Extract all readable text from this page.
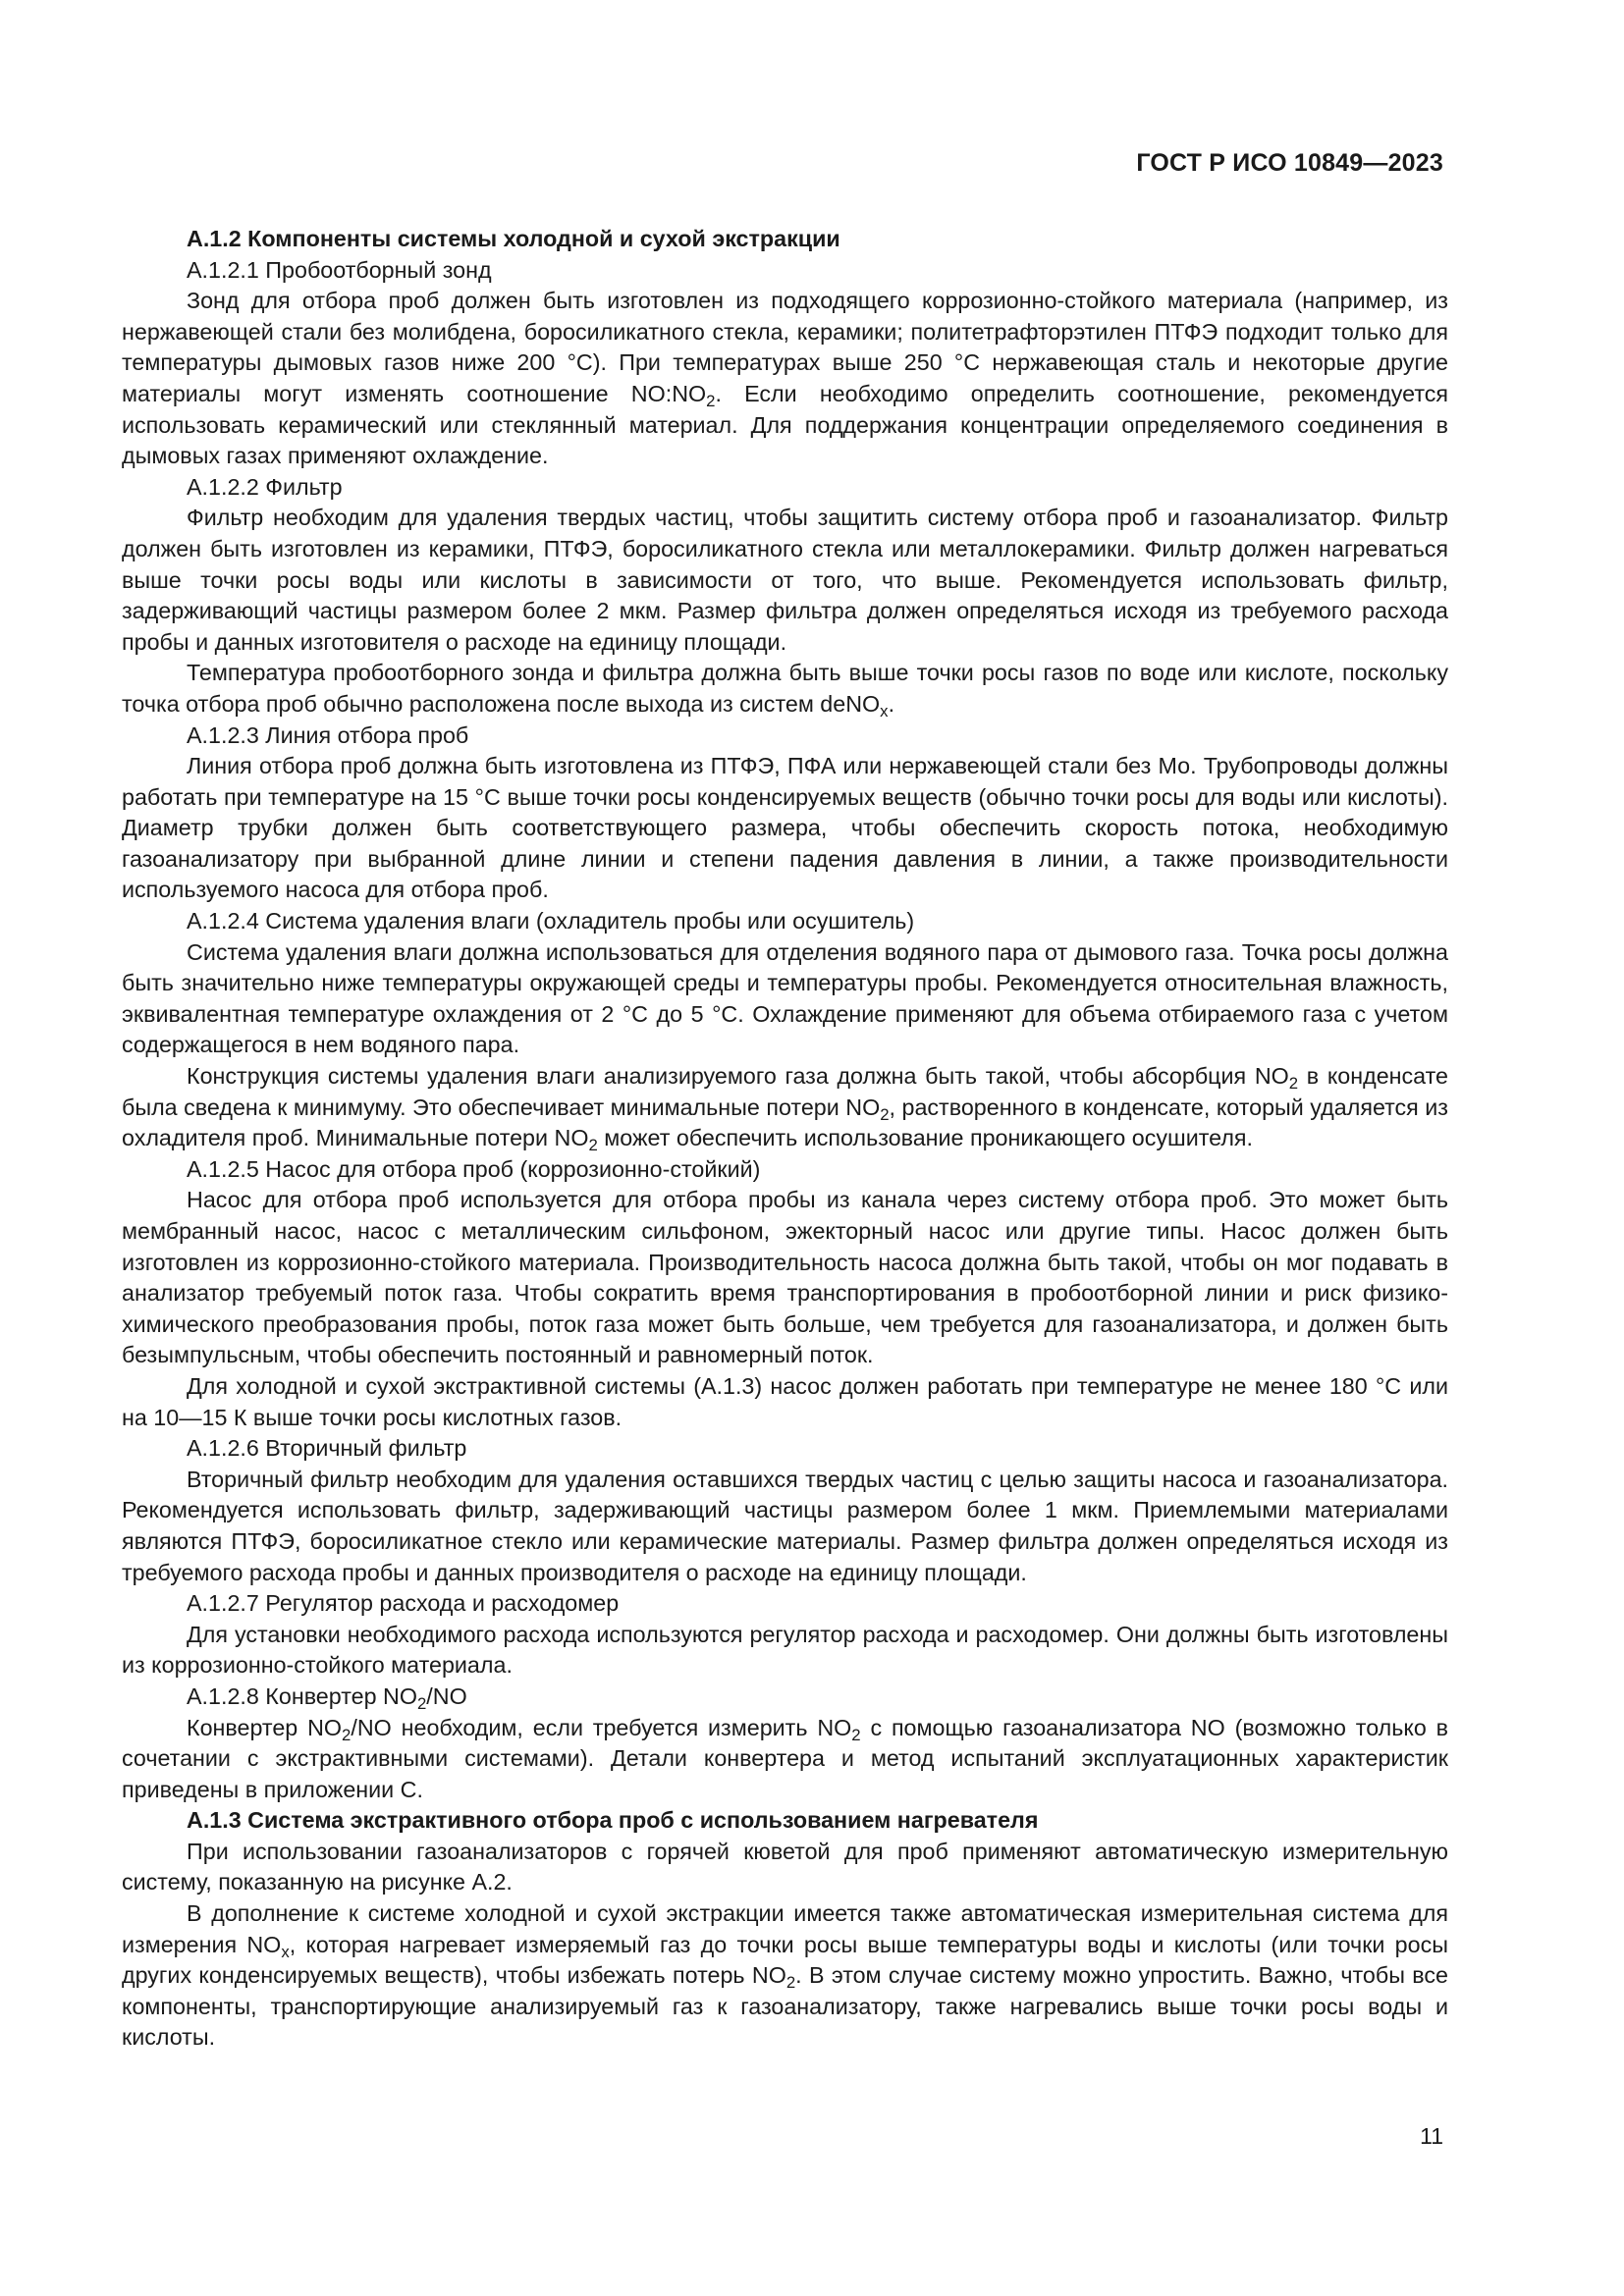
ГОСТ Р ИСО 10849—2023

А.1.2 Компоненты системы холодной и сухой экстракции

А.1.2.1 Пробоотборный зонд

Зонд для отбора проб должен быть изготовлен из подходящего коррозионно-стойкого материала (например, из нержавеющей стали без молибдена, боросиликатного стекла, керамики; политетрафторэтилен ПТФЭ подходит только для температуры дымовых газов ниже 200 °С). При температурах выше 250 °С нержавеющая сталь и некоторые другие материалы могут изменять соотношение $NO:NO_2$. Если необходимо определить соотношение, рекомендуется использовать керамический или стеклянный материал. Для поддержания концентрации определяемого соединения в дымовых газах применяют охлаждение.

А.1.2.2 Фильтр

Фильтр необходим для удаления твердых частиц, чтобы защитить систему отбора проб и газоанализатор. Фильтр должен быть изготовлен из керамики, ПТФЭ, боросиликатного стекла или металлокерамики. Фильтр должен нагреваться выше точки росы воды или кислоты в зависимости от того, что выше. Рекомендуется использовать фильтр, задерживающий частицы размером более 2 мкм. Размер фильтра должен определяться исходя из требуемого расхода пробы и данных изготовителя о расходе на единицу площади.

Температура пробоотборного зонда и фильтра должна быть выше точки росы газов по воде или кислоте, поскольку точка отбора проб обычно расположена после выхода из систем deNO$_x$.

А.1.2.3 Линия отбора проб

Линия отбора проб должна быть изготовлена из ПТФЭ, ПФА или нержавеющей стали без Мо. Трубопроводы должны работать при температуре на 15 °С выше точки росы конденсируемых веществ (обычно точки росы для воды или кислоты). Диаметр трубки должен быть соответствующего размера, чтобы обеспечить скорость потока, необходимую газоанализатору при выбранной длине линии и степени падения давления в линии, а также производительности используемого насоса для отбора проб.

А.1.2.4 Система удаления влаги (охладитель пробы или осушитель)

Система удаления влаги должна использоваться для отделения водяного пара от дымового газа. Точка росы должна быть значительно ниже температуры окружающей среды и температуры пробы. Рекомендуется относительная влажность, эквивалентная температуре охлаждения от 2 °С до 5 °С. Охлаждение применяют для объема отбираемого газа с учетом содержащегося в нем водяного пара.

Конструкция системы удаления влаги анализируемого газа должна быть такой, чтобы абсорбция $NO_2$ в конденсате была сведена к минимуму. Это обеспечивает минимальные потери $NO_2$, растворенного в конденсате, который удаляется из охладителя проб. Минимальные потери $NO_2$ может обеспечить использование проникающего осушителя.

А.1.2.5 Насос для отбора проб (коррозионно-стойкий)

Насос для отбора проб используется для отбора пробы из канала через систему отбора проб. Это может быть мембранный насос, насос с металлическим сильфоном, эжекторный насос или другие типы. Насос должен быть изготовлен из коррозионно-стойкого материала. Производительность насоса должна быть такой, чтобы он мог подавать в анализатор требуемый поток газа. Чтобы сократить время транспортирования в пробоотборной линии и риск физико-химического преобразования пробы, поток газа может быть больше, чем требуется для газоанализатора, и должен быть безымпульсным, чтобы обеспечить постоянный и равномерный поток.

Для холодной и сухой экстрактивной системы (А.1.3) насос должен работать при температуре не менее 180 °С или на 10—15 К выше точки росы кислотных газов.

А.1.2.6 Вторичный фильтр

Вторичный фильтр необходим для удаления оставшихся твердых частиц с целью защиты насоса и газоанализатора. Рекомендуется использовать фильтр, задерживающий частицы размером более 1 мкм. Приемлемыми материалами являются ПТФЭ, боросиликатное стекло или керамические материалы. Размер фильтра должен определяться исходя из требуемого расхода пробы и данных производителя о расходе на единицу площади.

А.1.2.7 Регулятор расхода и расходомер

Для установки необходимого расхода используются регулятор расхода и расходомер. Они должны быть изготовлены из коррозионно-стойкого материала.

А.1.2.8 Конвертер $NO_2/NO$

Конвертер $NO_2/NO$ необходим, если требуется измерить $NO_2$ с помощью газоанализатора NO (возможно только в сочетании с экстрактивными системами). Детали конвертера и метод испытаний эксплуатационных характеристик приведены в приложении С.

А.1.3 Система экстрактивного отбора проб с использованием нагревателя

При использовании газоанализаторов с горячей кюветой для проб применяют автоматическую измерительную систему, показанную на рисунке А.2.

В дополнение к системе холодной и сухой экстракции имеется также автоматическая измерительная система для измерения $NO_x$, которая нагревает измеряемый газ до точки росы выше температуры воды и кислоты (или точки росы других конденсируемых веществ), чтобы избежать потерь $NO_2$. В этом случае систему можно упростить. Важно, чтобы все компоненты, транспортирующие анализируемый газ к газоанализатору, также нагревались выше точки росы воды и кислоты.

11
